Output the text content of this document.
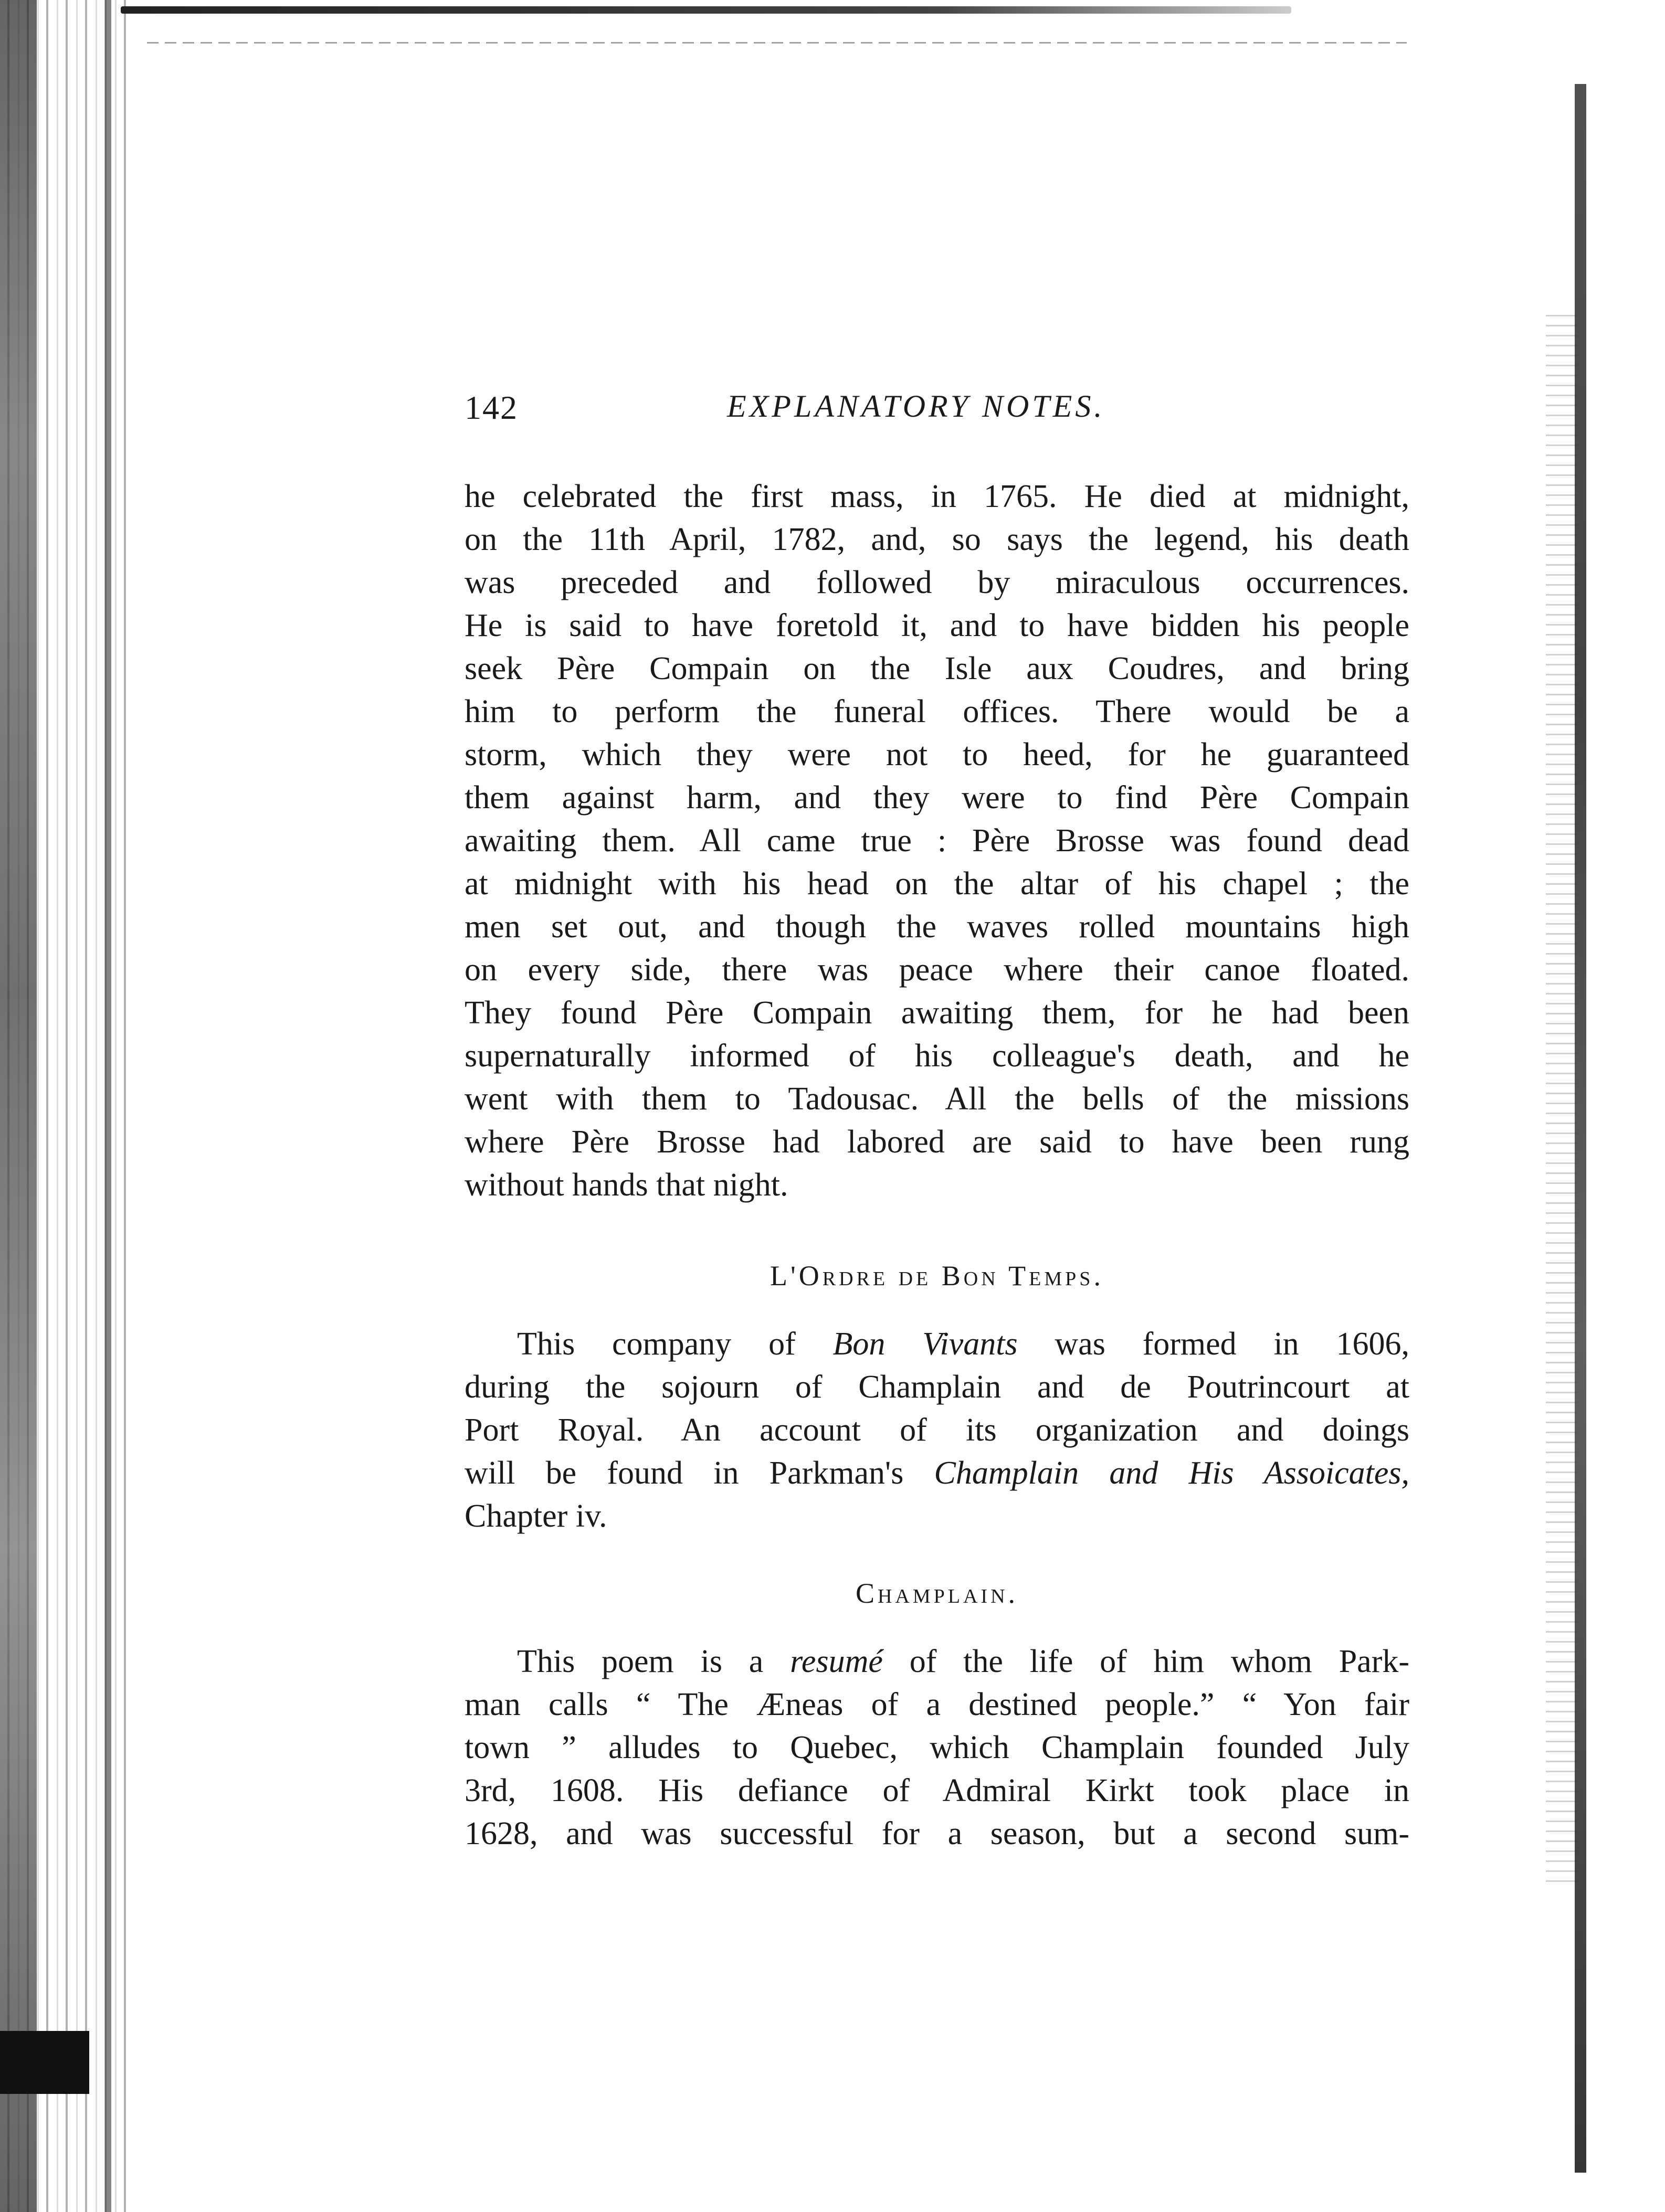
142	EXPLANATORY NOTES.
he celebrated the first mass, in 1765. He died at midnight,
on the 11th April, 1782, and, so says the legend, his death
was preceded and followed by miraculous occurrences.
He is said to have foretold it, and to have bidden his people
seek Père Compain on the Isle aux Coudres, and bring
him to perform the funeral offices. There would be a
storm, which they were not to heed, for he guaranteed
them against harm, and they were to find Père Compain
awaiting them. All came true : Père Brosse was found dead
at midnight with his head on the altar of his chapel ; the
men set out, and though the waves rolled mountains high
on every side, there was peace where their canoe floated.
They found Père Compain awaiting them, for he had been
supernaturally informed of his colleague's death, and he
went with them to Tadousac. All the bells of the missions
where Père Brosse had labored are said to have been rung
without hands that night.
L'Ordre de Bon Temps.
This company of Bon Vivants was formed in 1606,
during the sojourn of Champlain and de Poutrincourt at
Port Royal. An account of its organization and doings
will be found in Parkman's Champlain and His Assoicates,
Chapter iv.
Champlain.
This poem is a resumé of the life of him whom Park-
man calls “ The Æneas of a destined people.” “ Yon fair
town ” alludes to Quebec, which Champlain founded July
3rd, 1608. His defiance of Admiral Kirkt took place in
1628, and was successful for a season, but a second sum-
